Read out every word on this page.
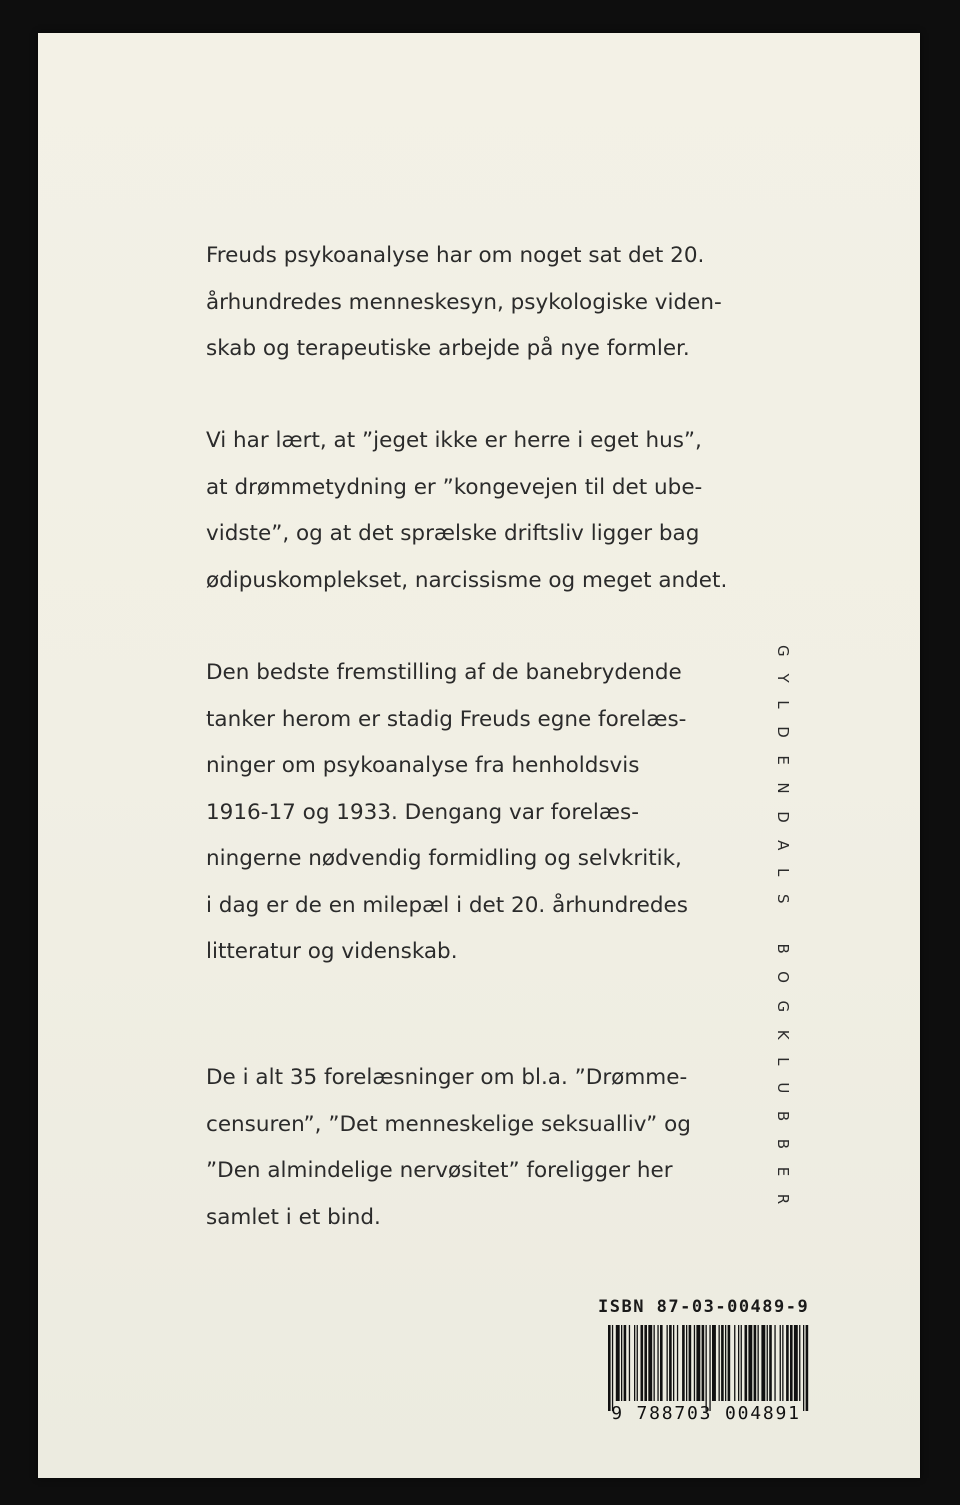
Freuds psykoanalyse har om noget sat det 20.
århundredes menneskesyn, psykologiske viden-
skab og terapeutiske arbejde på nye formler.

Vi har lært, at ”jeget ikke er herre i eget hus”,
at drømmetydning er ”kongevejen til det ube-
vidste”, og at det sprælske driftsliv ligger bag
ødipuskomplekset, narcissisme og meget andet.

Den bedste fremstilling af de banebrydende
tanker herom er stadig Freuds egne forelæs-
ninger om psykoanalyse fra henholdsvis
1916-17 og 1933. Dengang var forelæs-
ningerne nødvendig formidling og selvkritik,
i dag er de en milepæl i det 20. århundredes
litteratur og videnskab.

De i alt 35 forelæsninger om bl.a. ”Drømme-
censuren”, ”Det menneskelige seksualliv” og
”Den almindelige nervøsitet” foreligger her
samlet i et bind.	GYLDENDALS BOGKLUBBER
ISBN 87-03-00489-9
9 788703 004891
